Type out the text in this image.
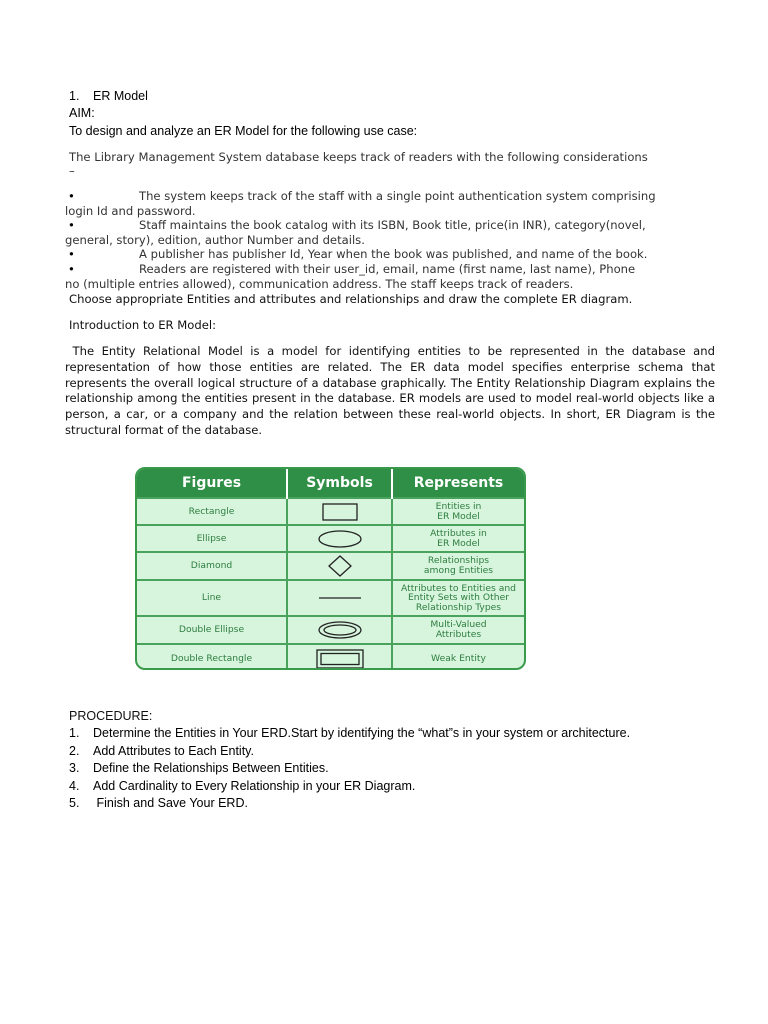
1. ER Model
AIM:
To design and analyze an ER Model for the following use case:
The Library Management System database keeps track of readers with the following considerations
–
•	The system keeps track of the staff with a single point authentication system comprising
login Id and password.
•	Staff maintains the book catalog with its ISBN, Book title, price(in INR), category(novel,
general, story), edition, author Number and details.
•	A publisher has publisher Id, Year when the book was published, and name of the book.
•	Readers are registered with their user_id, email, name (first name, last name), Phone
no (multiple entries allowed), communication address. The staff keeps track of readers.
Choose appropriate Entities and attributes and relationships and draw the complete ER diagram.
Introduction to ER Model:
The Entity Relational Model is a model for identifying entities to be represented in the database and representation of how those entities are related. The ER data model specifies enterprise schema that represents the overall logical structure of a database graphically. The Entity Relationship Diagram explains the relationship among the entities present in the database. ER models are used to model real-world objects like a person, a car, or a company and the relation between these real-world objects. In short, ER Diagram is the structural format of the database.
Figures	Symbols	Represents
Rectangle		Entities in
ER Model

Ellipse		Attributes in
ER Model

Diamond		Relationships
among Entities

Line		Attributes to Entities and
Entity Sets with Other
Relationship Types

Double Ellipse		Multi-Valued
Attributes

Double Rectangle		Weak Entity
PROCEDURE:
1. Determine the Entities in Your ERD.Start by identifying the “what”s in your system or architecture.
2. Add Attributes to Each Entity.
3. Define the Relationships Between Entities.
4. Add Cardinality to Every Relationship in your ER Diagram.
5. Finish and Save Your ERD.
